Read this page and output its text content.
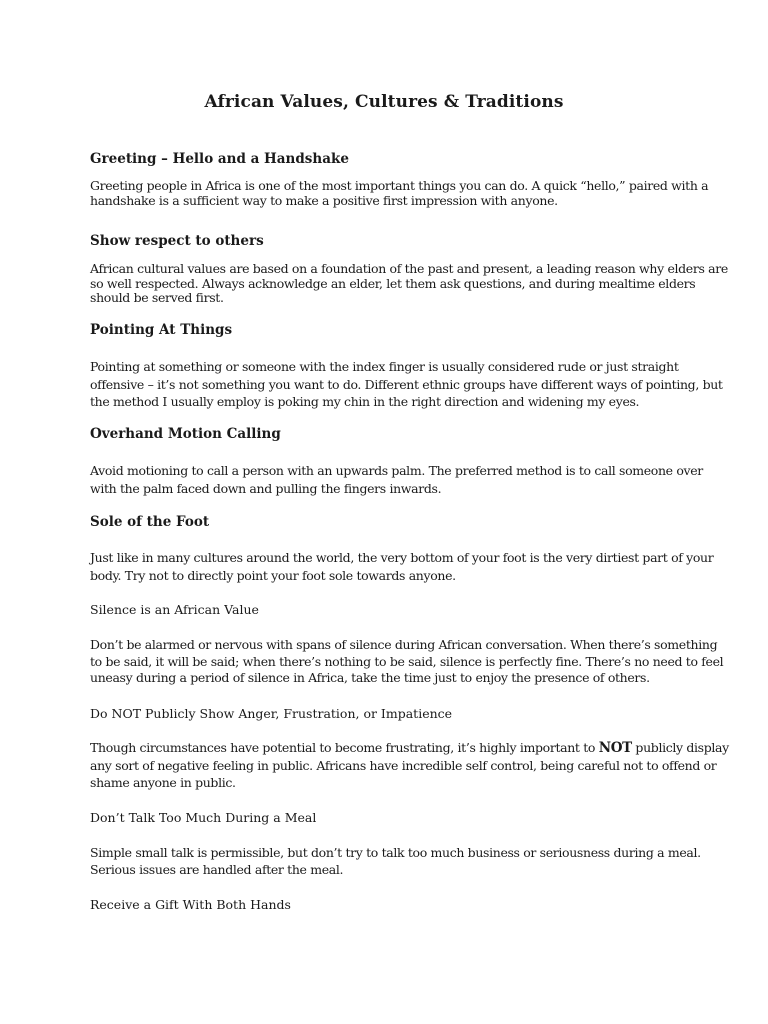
African Values, Cultures & Traditions
Greeting – Hello and a Handshake
Greeting people in Africa is one of the most important things you can do. A quick “hello,” paired with a
handshake is a sufficient way to make a positive first impression with anyone.
Show respect to others
African cultural values are based on a foundation of the past and present, a leading reason why elders are
so well respected. Always acknowledge an elder, let them ask questions, and during mealtime elders
should be served first.
Pointing At Things
Pointing at something or someone with the index finger is usually considered rude or just straight
offensive – it’s not something you want to do. Different ethnic groups have different ways of pointing, but
the method I usually employ is poking my chin in the right direction and widening my eyes.
Overhand Motion Calling
Avoid motioning to call a person with an upwards palm. The preferred method is to call someone over
with the palm faced down and pulling the fingers inwards.
Sole of the Foot
Just like in many cultures around the world, the very bottom of your foot is the very dirtiest part of your
body. Try not to directly point your foot sole towards anyone.
Silence is an African Value
Don’t be alarmed or nervous with spans of silence during African conversation. When there’s something
to be said, it will be said; when there’s nothing to be said, silence is perfectly fine. There’s no need to feel
uneasy during a period of silence in Africa, take the time just to enjoy the presence of others.
Do NOT Publicly Show Anger, Frustration, or Impatience
Though circumstances have potential to become frustrating, it’s highly important to NOT publicly display
any sort of negative feeling in public. Africans have incredible self control, being careful not to offend or
shame anyone in public.
Don’t Talk Too Much During a Meal
Simple small talk is permissible, but don’t try to talk too much business or seriousness during a meal.
Serious issues are handled after the meal.
Receive a Gift With Both Hands
